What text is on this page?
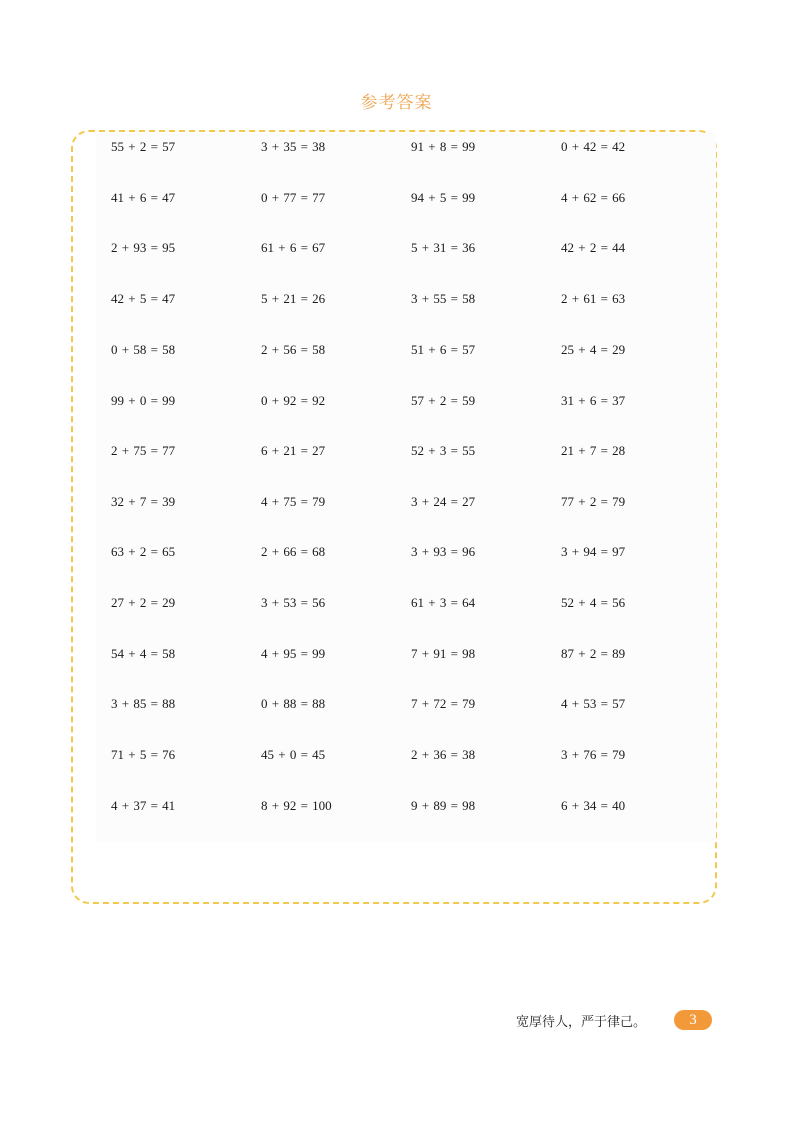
参考答案
55 + 2 = 57	3 + 35 = 38	91 + 8 = 99	0 + 42 = 42
41 + 6 = 47	0 + 77 = 77	94 + 5 = 99	4 + 62 = 66
2 + 93 = 95	61 + 6 = 67	5 + 31 = 36	42 + 2 = 44
42 + 5 = 47	5 + 21 = 26	3 + 55 = 58	2 + 61 = 63
0 + 58 = 58	2 + 56 = 58	51 + 6 = 57	25 + 4 = 29
99 + 0 = 99	0 + 92 = 92	57 + 2 = 59	31 + 6 = 37
2 + 75 = 77	6 + 21 = 27	52 + 3 = 55	21 + 7 = 28
32 + 7 = 39	4 + 75 = 79	3 + 24 = 27	77 + 2 = 79
63 + 2 = 65	2 + 66 = 68	3 + 93 = 96	3 + 94 = 97
27 + 2 = 29	3 + 53 = 56	61 + 3 = 64	52 + 4 = 56
54 + 4 = 58	4 + 95 = 99	7 + 91 = 98	87 + 2 = 89
3 + 85 = 88	0 + 88 = 88	7 + 72 = 79	4 + 53 = 57
71 + 5 = 76	45 + 0 = 45	2 + 36 = 38	3 + 76 = 79
4 + 37 = 41	8 + 92 = 100	9 + 89 = 98	6 + 34 = 40
宽厚待人，严于律己。	3
